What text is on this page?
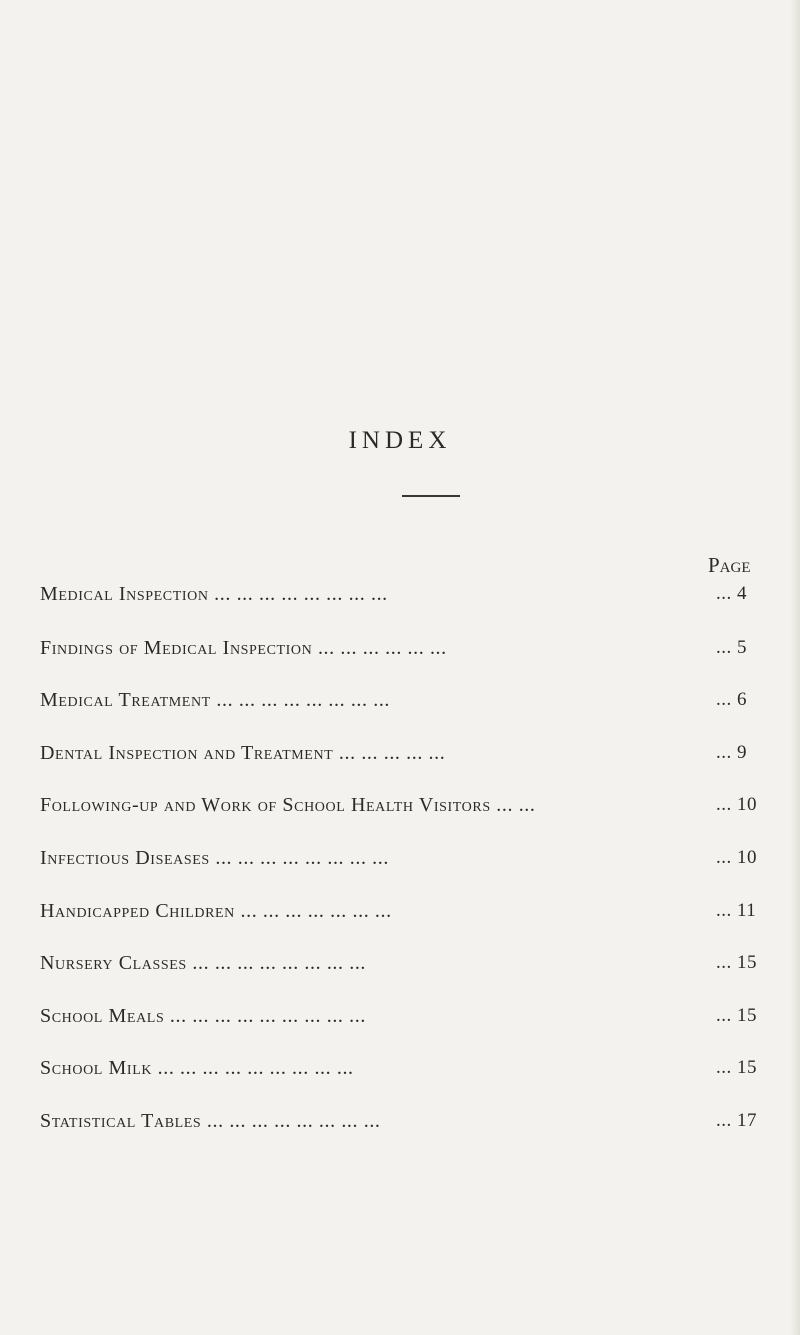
INDEX
Page
Medical Inspection ... ... ... ... ... ... ... ...	... 4
Findings of Medical Inspection ... ... ... ... ... ...	... 5
Medical Treatment ... ... ... ... ... ... ... ...	... 6
Dental Inspection and Treatment ... ... ... ... ...	... 9
Following-up and Work of School Health Visitors ... ...	... 10
Infectious Diseases ... ... ... ... ... ... ... ...	... 10
Handicapped Children ... ... ... ... ... ... ...	... 11
Nursery Classes ... ... ... ... ... ... ... ...	... 15
School Meals ... ... ... ... ... ... ... ... ...	... 15
School Milk ... ... ... ... ... ... ... ... ...	... 15
Statistical Tables ... ... ... ... ... ... ... ...	... 17
